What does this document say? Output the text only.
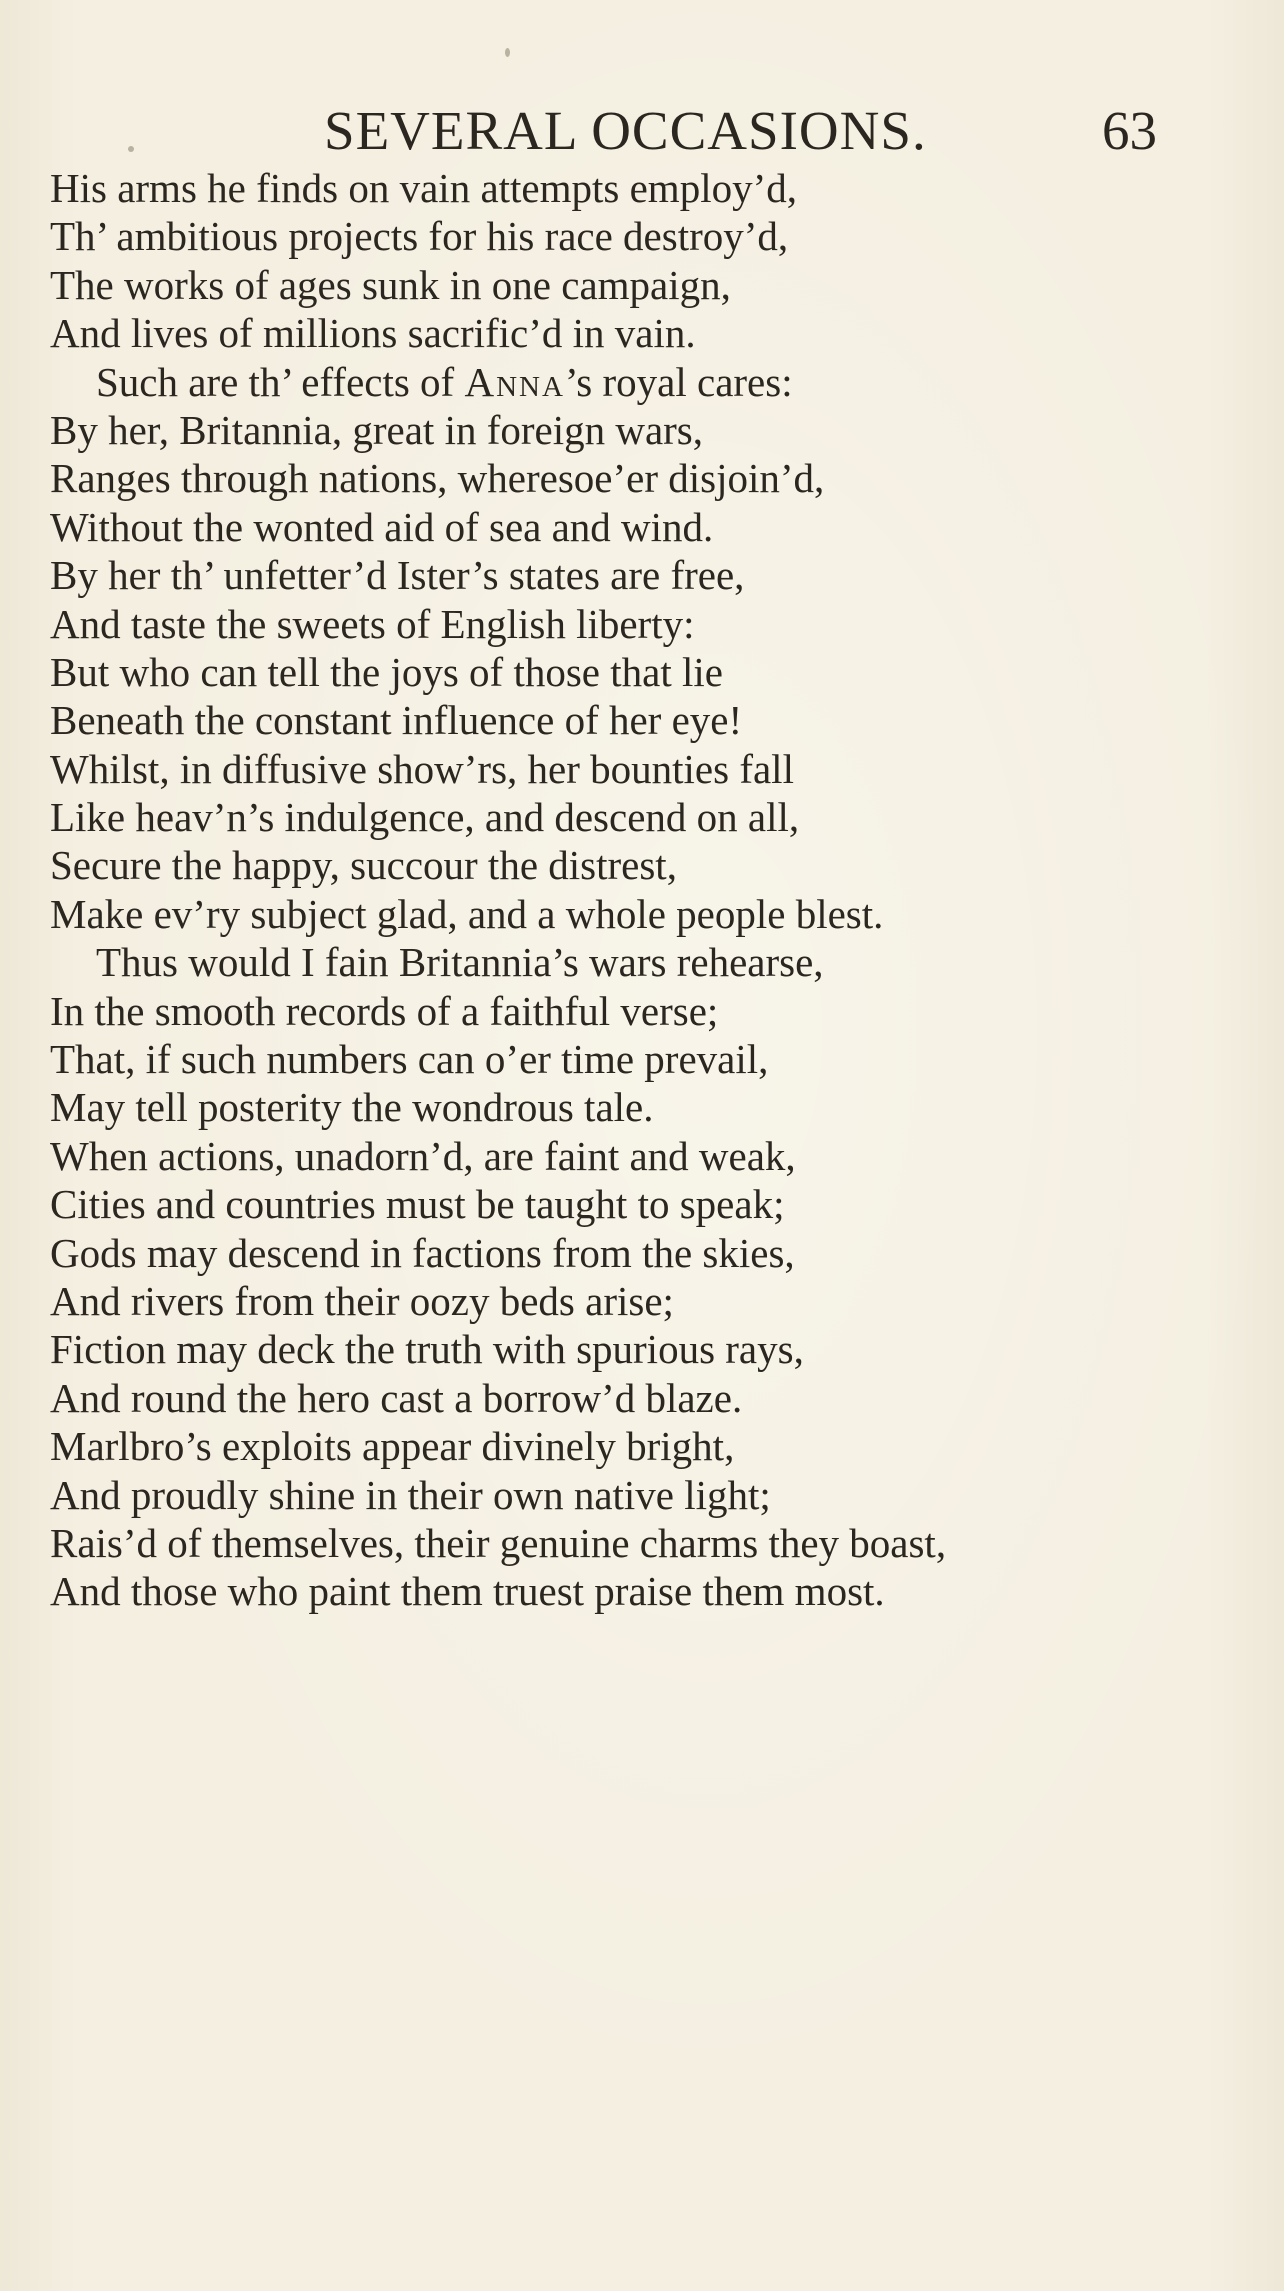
SEVERAL OCCASIONS.	63
His arms he finds on vain attempts employ’d,
Th’ ambitious projects for his race destroy’d,
The works of ages sunk in one campaign,
And lives of millions sacrific’d in vain.
Such are th’ effects of Anna’s royal cares:
By her, Britannia, great in foreign wars,
Ranges through nations, wheresoe’er disjoin’d,
Without the wonted aid of sea and wind.
By her th’ unfetter’d Ister’s states are free,
And taste the sweets of English liberty:
But who can tell the joys of those that lie
Beneath the constant influence of her eye!
Whilst, in diffusive show’rs, her bounties fall
Like heav’n’s indulgence, and descend on all,
Secure the happy, succour the distrest,
Make ev’ry subject glad, and a whole people blest.
Thus would I fain Britannia’s wars rehearse,
In the smooth records of a faithful verse;
That, if such numbers can o’er time prevail,
May tell posterity the wondrous tale.
When actions, unadorn’d, are faint and weak,
Cities and countries must be taught to speak;
Gods may descend in factions from the skies,
And rivers from their oozy beds arise;
Fiction may deck the truth with spurious rays,
And round the hero cast a borrow’d blaze.
Marlbro’s exploits appear divinely bright,
And proudly shine in their own native light;
Rais’d of themselves, their genuine charms they boast,
And those who paint them truest praise them most.
